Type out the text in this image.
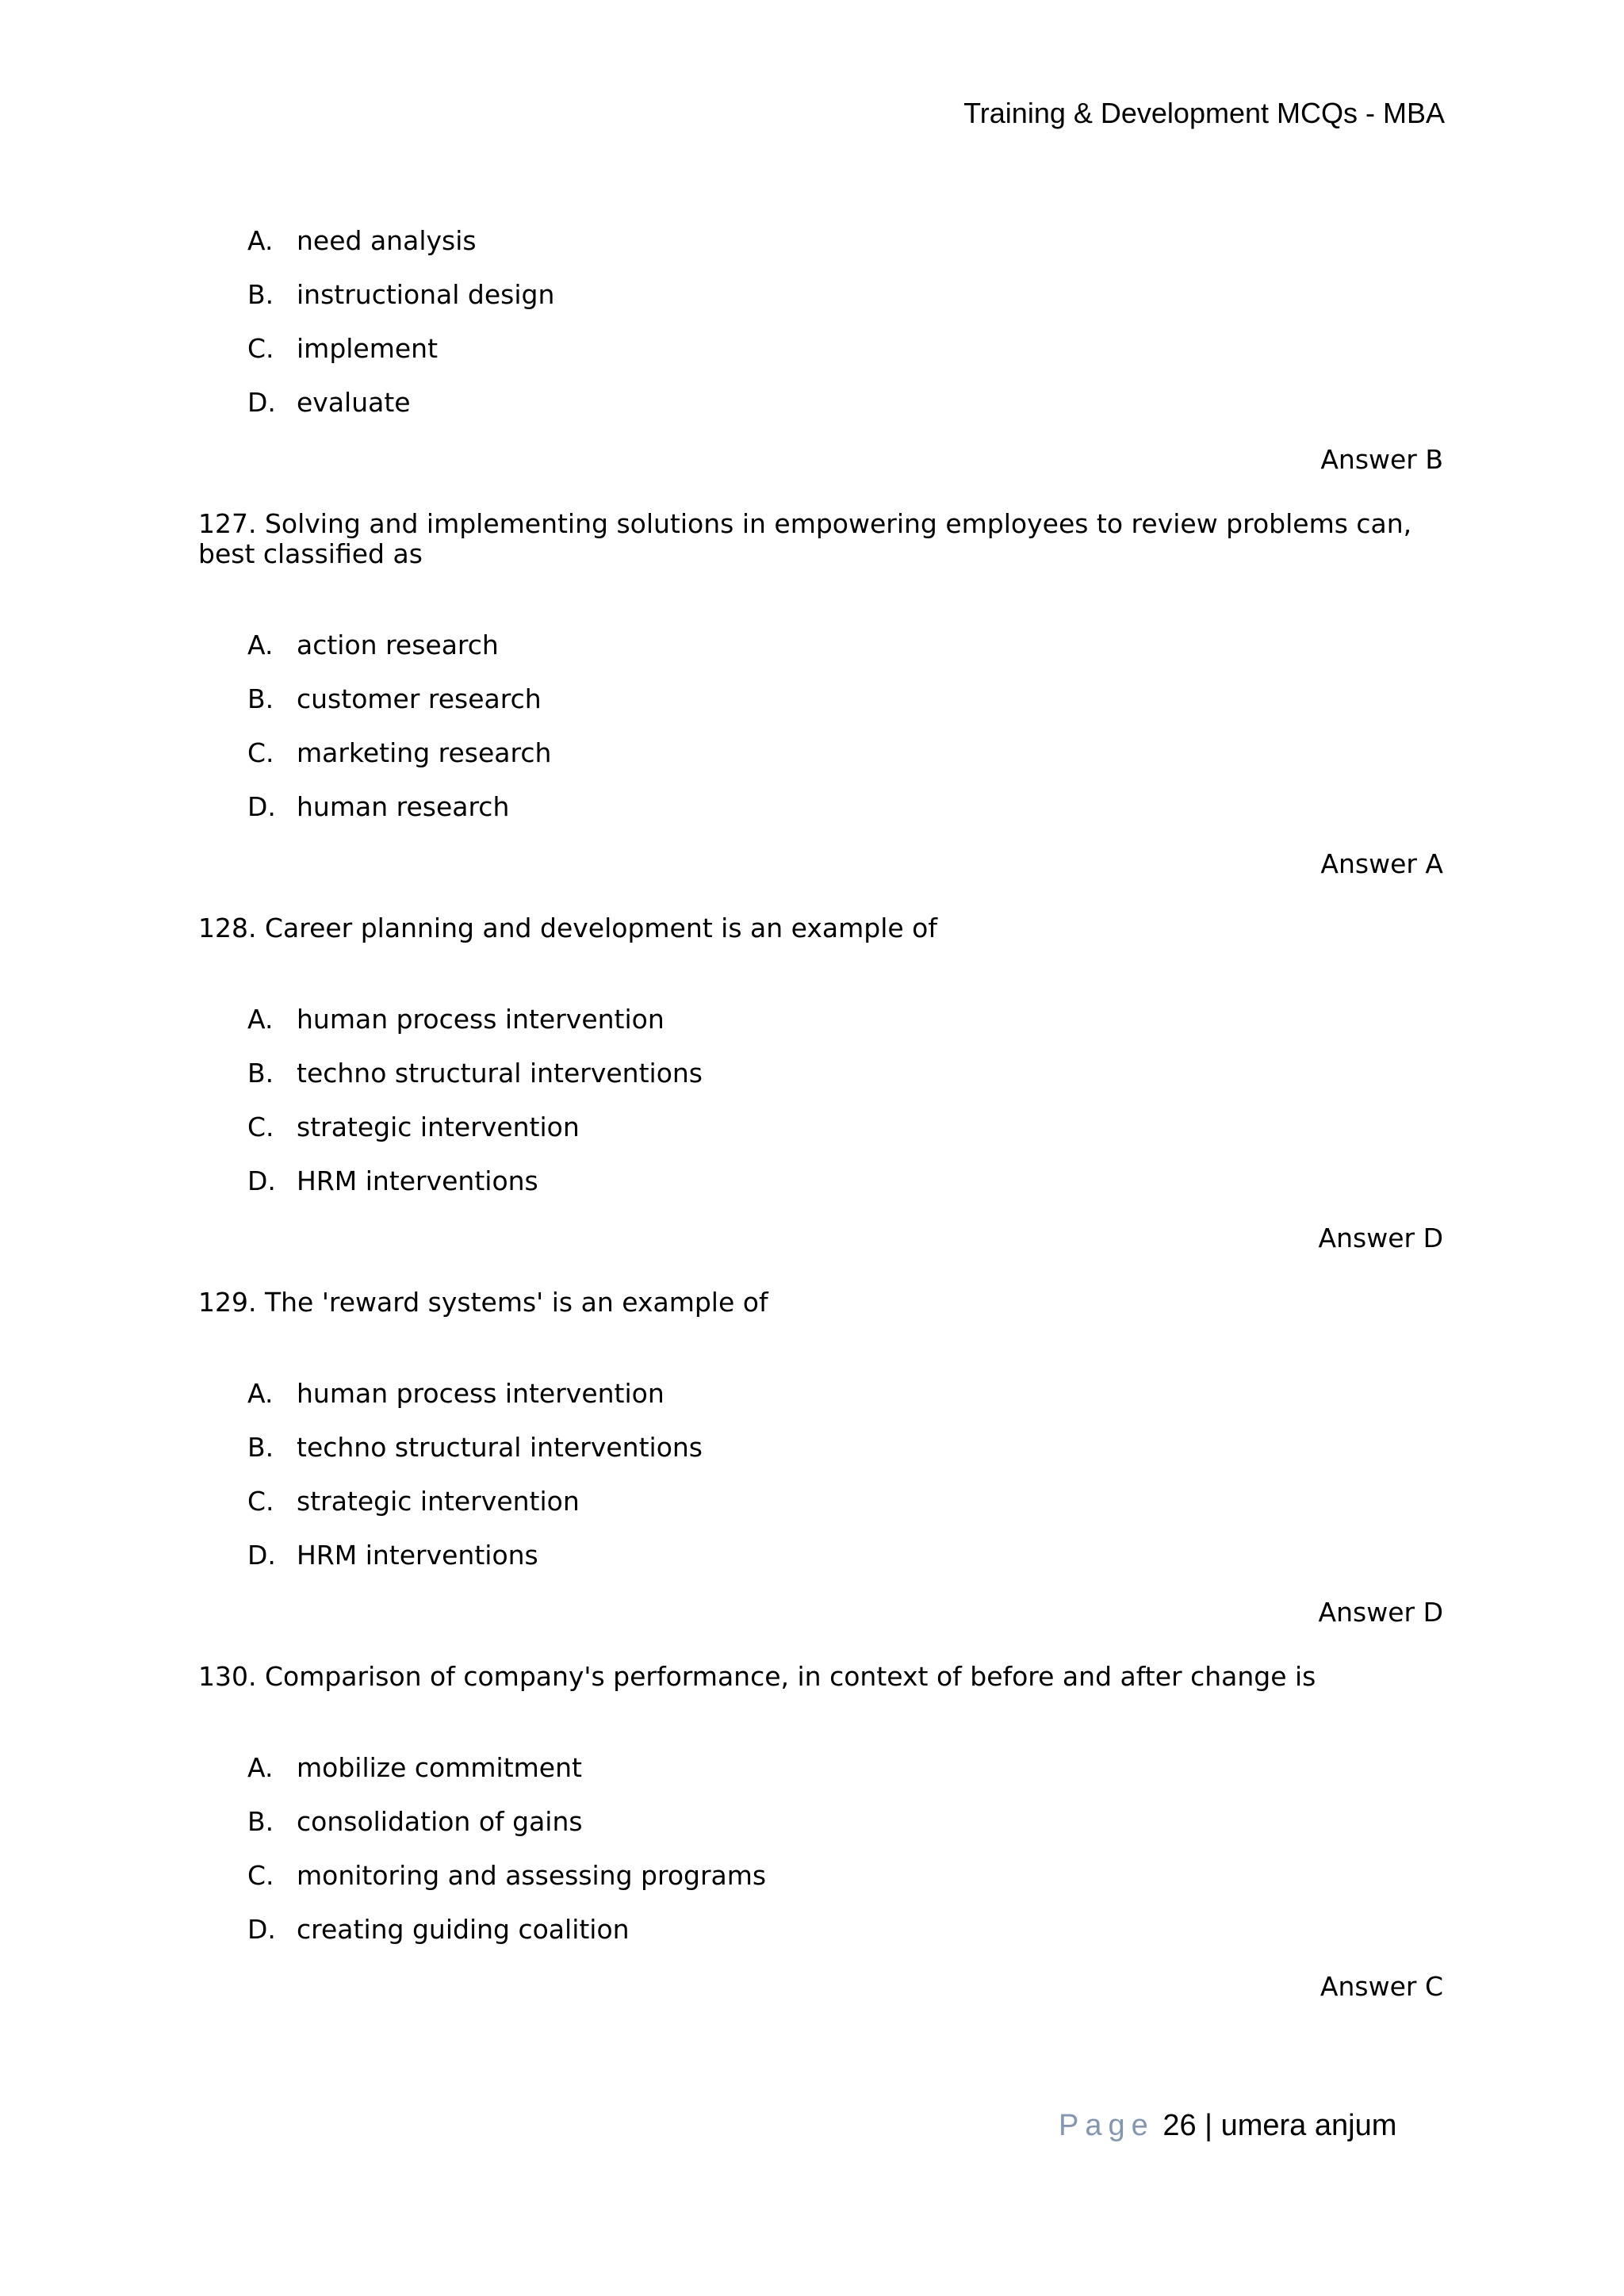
Training & Development MCQs - MBA
A. need analysis
B. instructional design
C. implement
D. evaluate
Answer B
127. Solving and implementing solutions in empowering employees to review problems can, best classified as
A. action research
B. customer research
C. marketing research
D. human research
Answer A
128. Career planning and development is an example of
A. human process intervention
B. techno structural interventions
C. strategic intervention
D. HRM interventions
Answer D
129. The 'reward systems' is an example of
A. human process intervention
B. techno structural interventions
C. strategic intervention
D. HRM interventions
Answer D
130. Comparison of company's performance, in context of before and after change is
A. mobilize commitment
B. consolidation of gains
C. monitoring and assessing programs
D. creating guiding coalition
Answer C
Page 26 | umera anjum
